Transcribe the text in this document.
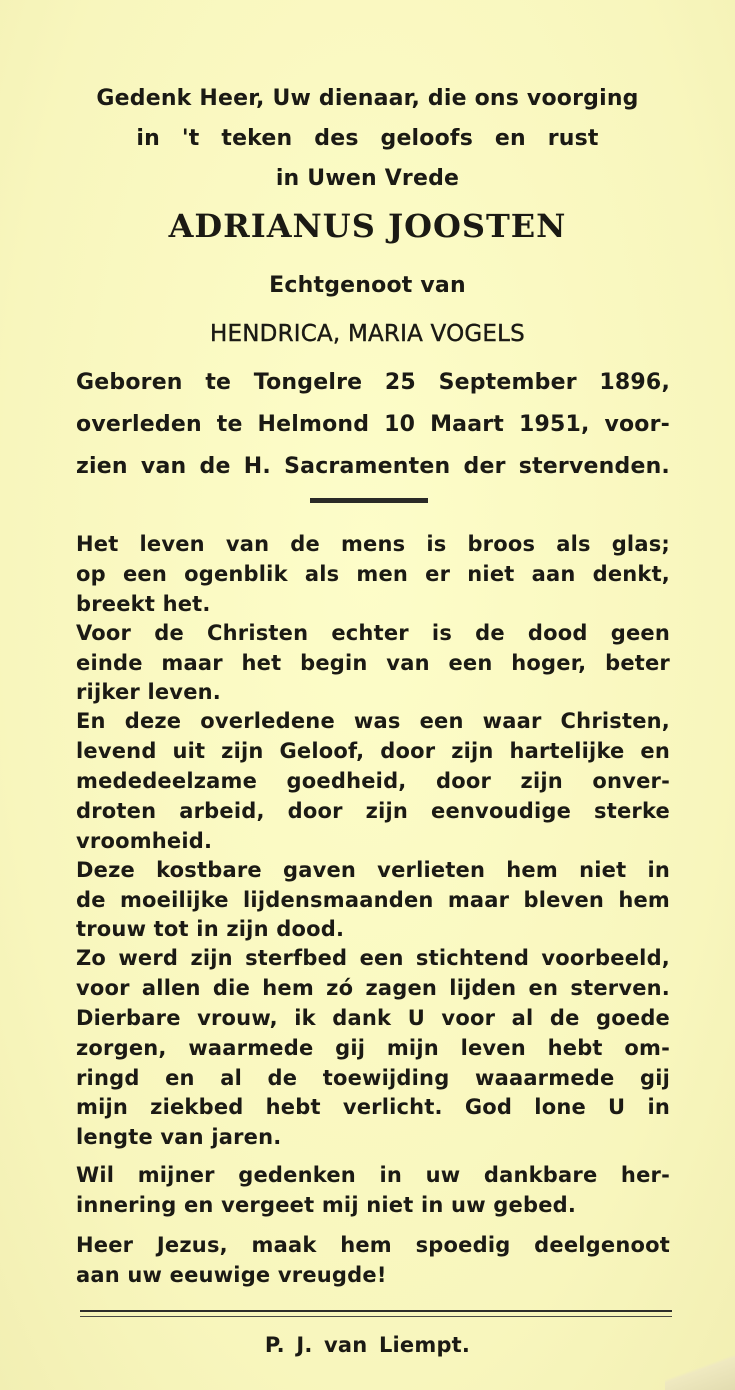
Gedenk Heer, Uw dienaar, die ons voorging
in 't teken des geloofs en rust
in Uwen Vrede
ADRIANUS JOOSTEN
Echtgenoot van
HENDRICA, MARIA VOGELS
Geboren te Tongelre 25 September 1896,
overleden te Helmond 10 Maart 1951, voor-
zien van de H. Sacramenten der stervenden.
Het leven van de mens is broos als glas;
op een ogenblik als men er niet aan denkt,
breekt het.
Voor de Christen echter is de dood geen
einde maar het begin van een hoger, beter
rijker leven.
En deze overledene was een waar Christen,
levend uit zijn Geloof, door zijn hartelijke en
mededeelzame goedheid, door zijn onver-
droten arbeid, door zijn eenvoudige sterke
vroomheid.
Deze kostbare gaven verlieten hem niet in
de moeilijke lijdensmaanden maar bleven hem
trouw tot in zijn dood.
Zo werd zijn sterfbed een stichtend voorbeeld,
voor allen die hem zó zagen lijden en sterven.
Dierbare vrouw, ik dank U voor al de goede
zorgen, waarmede gij mijn leven hebt om-
ringd en al de toewijding waaarmede gij
mijn ziekbed hebt verlicht. God lone U in
lengte van jaren.
Wil mijner gedenken in uw dankbare her-
innering en vergeet mij niet in uw gebed.
Heer Jezus, maak hem spoedig deelgenoot
aan uw eeuwige vreugde!
P. J. van Liempt.
